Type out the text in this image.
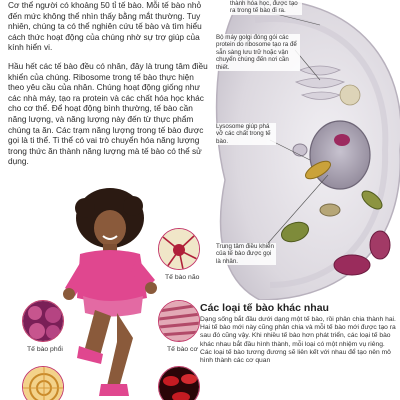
Cơ thể người có khoảng 50 tỉ tế bào. Mỗi tế bào nhỏ đến mức không thể nhìn thấy bằng mắt thường. Tuy nhiên, chúng ta có thể nghiên cứu tế bào và tìm hiểu cách thức hoạt động của chúng nhờ sự trợ giúp của kính hiển vi.

Hầu hết các tế bào đều có nhân, đây là trung tâm điều khiển của chúng. Ribosome trong tế bào thực hiện theo yêu cầu của nhân. Chúng hoạt động giống như các nhà máy, tạo ra protein và các chất hóa học khác cho cơ thể. Để hoạt động bình thường, tế bào cần năng lượng, và năng lượng này đến từ thực phẩm chúng ta ăn. Các trạm năng lượng trong tế bào được gọi là ti thể. Ti thể có vai trò chuyển hóa năng lượng trong thức ăn thành năng lượng mà tế bào có thể sử dụng.

thành hóa học, được tạo ra trong tế bào đi ra.
Bộ máy golgi đóng gói các protein do ribosome tạo ra để sẵn sàng lưu trữ hoặc vận chuyển chúng đến nơi cần thiết.
Lysosome giúp phá vỡ các chất trong tế bào.
Trung tâm điều khiển của tế bào được gọi là nhân.
Tế bào não
Tế bào phổi	Tế bào cơ
Các loại tế bào khác nhau
Dạng sống bắt đầu dưới dạng một tế bào, rồi phân chia thành hai. Hai tế bào mới này cũng phân chia và mỗi tế bào mới được tạo ra sau đó cũng vậy. Khi nhiều tế bào hơn phát triển, các loại tế bào khác nhau bắt đầu hình thành, mỗi loại có một nhiệm vụ riêng. Các loại tế bào tương đương sẽ liên kết với nhau để tạo nên mô hình thành các cơ quan
